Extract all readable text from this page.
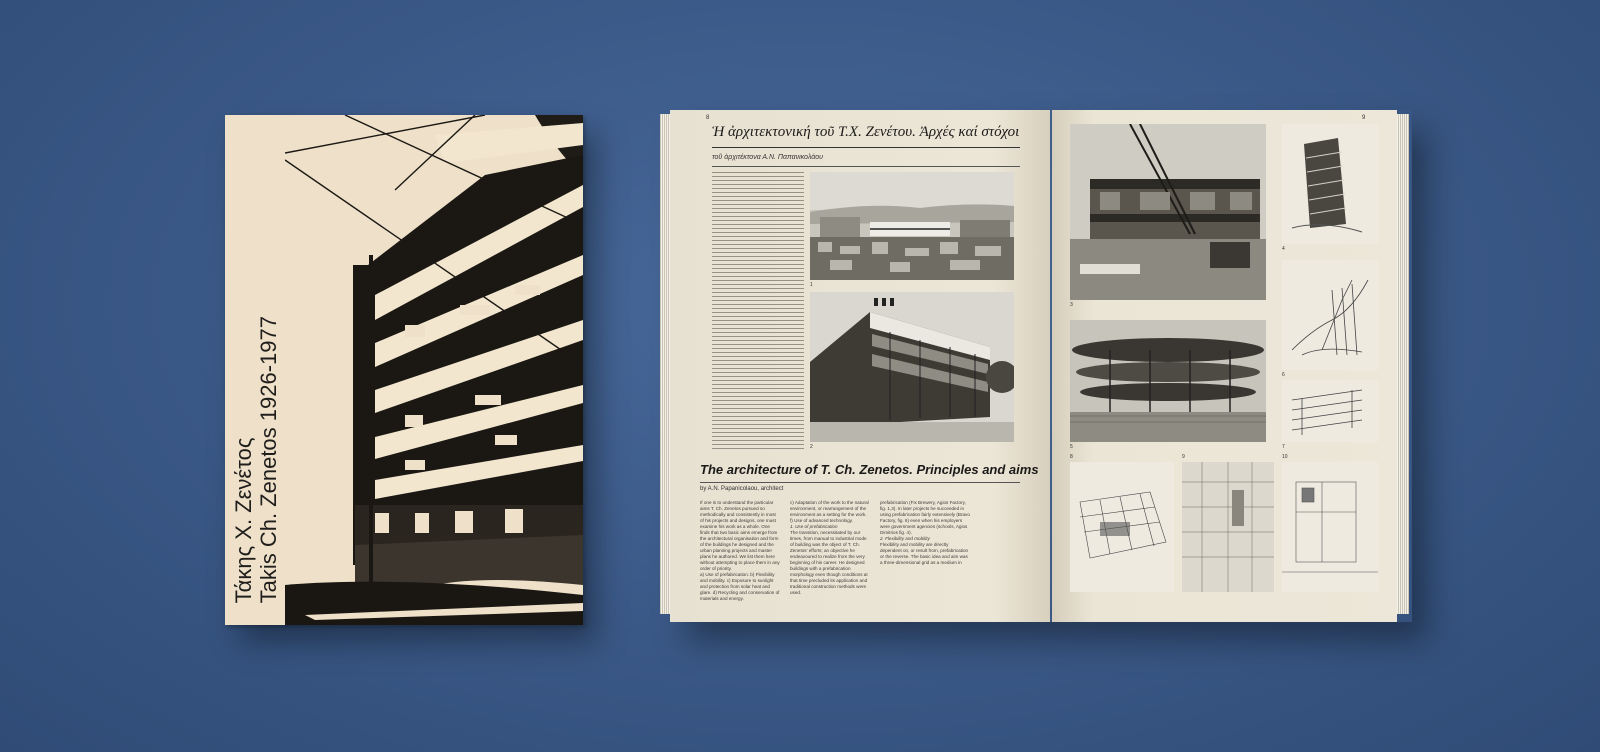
Τάκης Χ. Ζενέτος Takis Ch. Zenetos 1926-1977
8
Ἡ ἀρχιτεκτονική τοῦ Τ.Χ. Ζενέτου. Ἀρχές καί στόχοι
τοῦ ἀρχιτέκτονα Α.Ν. Παπανικολάου
1
2
The architecture of T. Ch. Zenetos. Principles and aims
by A.N. Papanicolaou, architect
If one is to understand the particular aims T. Ch. Zenetos pursued so methodically and consistently in most of his projects and designs, one must examine his work as a whole. One finds that two basic aims emerge from the architectural organisation and form of the buildings he designed and the urban planning projects and master plans he authored. We list them here without attempting to place them in any order of priority.
a) Use of prefabrication. b) Flexibility and mobility. c) Exposure to sunlight and protection from solar heat and glare. d) Recycling and conservation of materials and energy.
c) Adaptation of the work to the natural environment, or rearrangement of the environment as a setting for the work. f) Use of advanced technology.
1. Use of prefabrication
The transition, necessitated by our times, from manual to industrial mode of building was the object of T. Ch. Zenetos' efforts; an objective he endeavoured to realize from the very beginning of his career. He designed buildings with a prefabrication morphology even though conditions at that time precluded its application and traditional construction methods were used.
prefabrication (Fix Brewery, Agios Factory, fig. 1,3). In later projects he succeeded in using prefabrication fairly extensively (Bravo Factory, fig. 6) even when his employers were government agencies (schools, Agios Dimitrios fig. 4).
2. Flexibility and mobility
Flexibility and mobility are directly dependent on, or result from, prefabrication or the reverse. The basic idea and aim was a three-dimensional grid as a medium in
9
3
4
5
6
7
8	9	10
